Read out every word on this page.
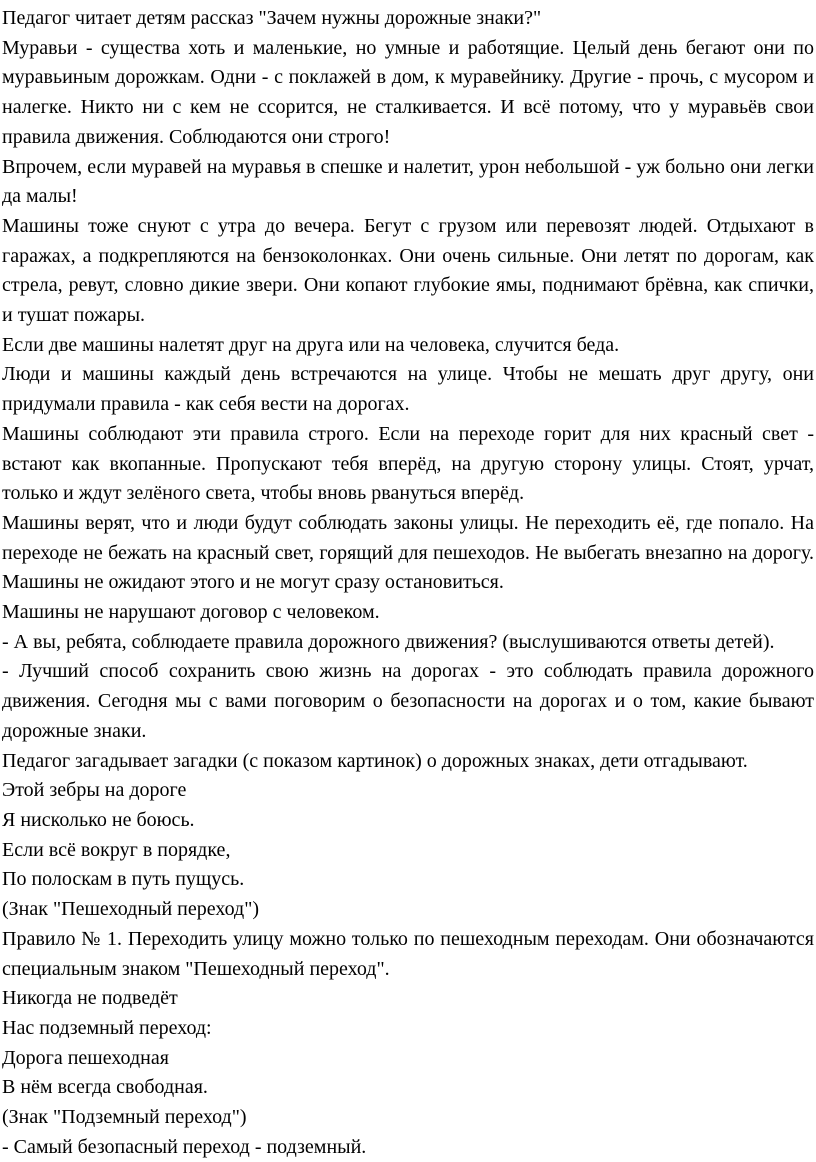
Педагог читает детям рассказ "Зачем нужны дорожные знаки?"

Муравьи - существа хоть и маленькие, но умные и работящие. Целый день бегают они по муравьиным дорожкам. Одни - с поклажей в дом, к муравейнику. Другие - прочь, с мусором и налегке. Никто ни с кем не ссорится, не сталкивается. И всё потому, что у муравьёв свои правила движения. Соблюдаются они строго!

Впрочем, если муравей на муравья в спешке и налетит, урон небольшой - уж больно они легки да малы!

Машины тоже снуют с утра до вечера. Бегут с грузом или перевозят людей. Отдыхают в гаражах, а подкрепляются на бензоколонках. Они очень сильные. Они летят по дорогам, как стрела, ревут, словно дикие звери. Они копают глубокие ямы, поднимают брёвна, как спички, и тушат пожары.

Если две машины налетят друг на друга или на человека, случится беда.

Люди и машины каждый день встречаются на улице. Чтобы не мешать друг другу, они придумали правила - как себя вести на дорогах.

Машины соблюдают эти правила строго. Если на переходе горит для них красный свет - встают как вкопанные. Пропускают тебя вперёд, на другую сторону улицы. Стоят, урчат, только и ждут зелёного света, чтобы вновь рвануться вперёд.

Машины верят, что и люди будут соблюдать законы улицы. Не переходить её, где попало. На переходе не бежать на красный свет, горящий для пешеходов. Не выбегать внезапно на дорогу. Машины не ожидают этого и не могут сразу остановиться.

Машины не нарушают договор с человеком.

- А вы, ребята, соблюдаете правила дорожного движения? (выслушиваются ответы детей).

- Лучший способ сохранить свою жизнь на дорогах - это соблюдать правила дорожного движения. Сегодня мы с вами поговорим о безопасности на дорогах и о том, какие бывают дорожные знаки.

Педагог загадывает загадки (с показом картинок) о дорожных знаках, дети отгадывают.

Этой зебры на дороге

Я нисколько не боюсь.

Если всё вокруг в порядке,

По полоскам в путь пущусь.

(Знак "Пешеходный переход")

Правило № 1. Переходить улицу можно только по пешеходным переходам. Они обозначаются специальным знаком "Пешеходный переход".

Никогда не подведёт

Нас подземный переход:

Дорога пешеходная

В нём всегда свободная.

(Знак "Подземный переход")

- Самый безопасный переход - подземный.
